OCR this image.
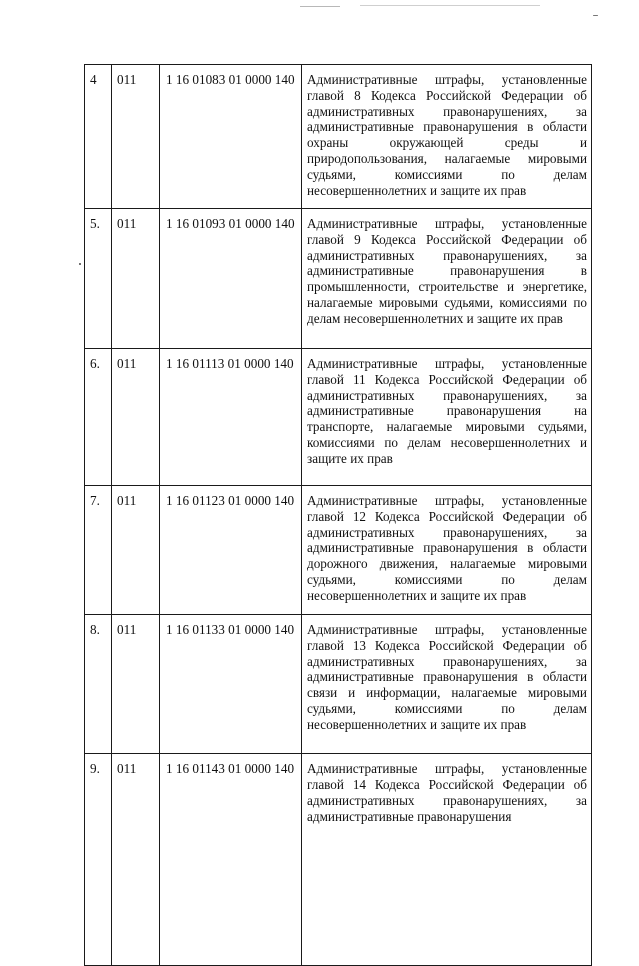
4	011	1 16 01083 01 0000 140	Административные штрафы, установленные главой 8 Кодекса Российской Федерации об административных правонарушениях, за административные правонарушения в области охраны окружающей среды и природопользования, налагаемые мировыми судьями, комиссиями по делам несовершеннолетних и защите их прав
5.	011	1 16 01093 01 0000 140	Административные штрафы, установленные главой 9 Кодекса Российской Федерации об административных правонарушениях, за административные правонарушения в промышленности, строительстве и энергетике, налагаемые мировыми судьями, комиссиями по делам несовершеннолетних и защите их прав
6.	011	1 16 01113 01 0000 140	Административные штрафы, установленные главой 11 Кодекса Российской Федерации об административных правонарушениях, за административные правонарушения на транспорте, налагаемые мировыми судьями, комиссиями по делам несовершеннолетних и защите их прав
7.	011	1 16 01123 01 0000 140	Административные штрафы, установленные главой 12 Кодекса Российской Федерации об административных правонарушениях, за административные правонарушения в области дорожного движения, налагаемые мировыми судьями, комиссиями по делам несовершеннолетних и защите их прав
8.	011	1 16 01133 01 0000 140	Административные штрафы, установленные главой 13 Кодекса Российской Федерации об административных правонарушениях, за административные правонарушения в области связи и информации, налагаемые мировыми судьями, комиссиями по делам несовершеннолетних и защите их прав
9.	011	1 16 01143 01 0000 140	Административные штрафы, установленные главой 14 Кодекса Российской Федерации об административных правонарушениях, за административные правонарушения
